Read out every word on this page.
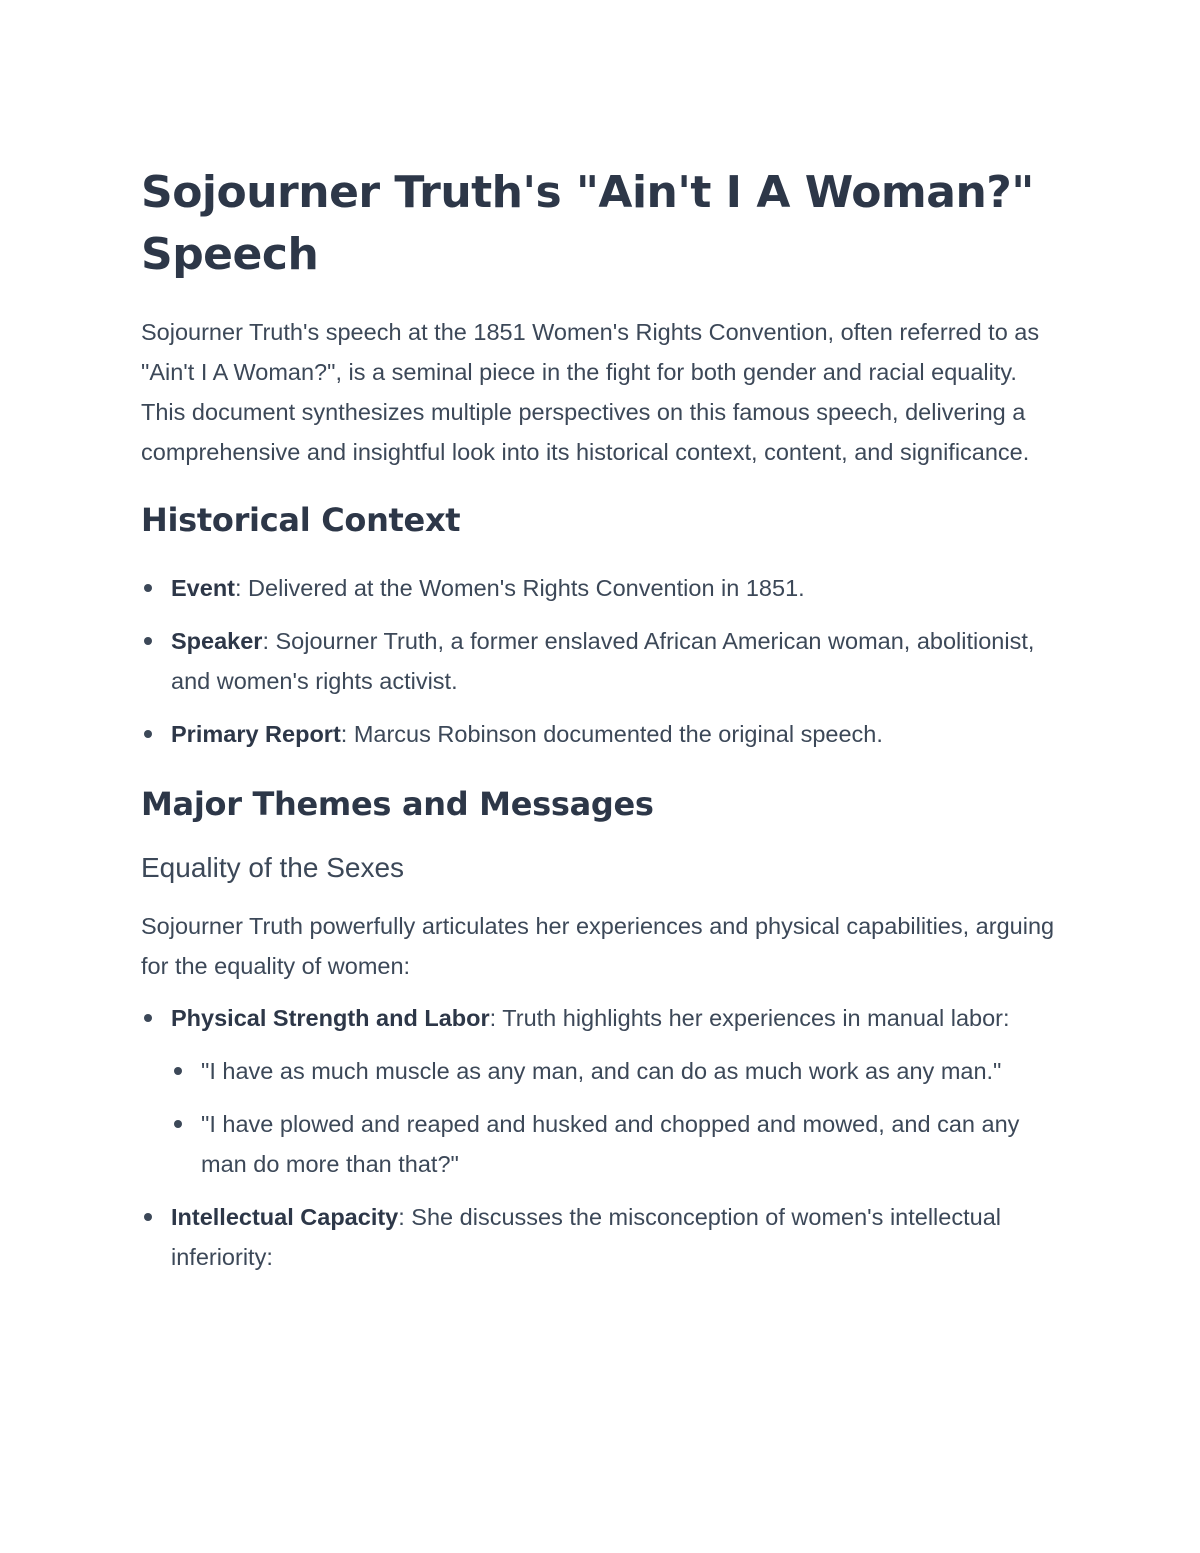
Sojourner Truth's "Ain't I A Woman?" Speech

Sojourner Truth's speech at the 1851 Women's Rights Convention, often referred to as "Ain't I A Woman?", is a seminal piece in the fight for both gender and racial equality. This document synthesizes multiple perspectives on this famous speech, delivering a comprehensive and insightful look into its historical context, content, and significance.

Historical Context
Event: Delivered at the Women's Rights Convention in 1851.
Speaker: Sojourner Truth, a former enslaved African American woman, abolitionist, and women's rights activist.
Primary Report: Marcus Robinson documented the original speech.
Major Themes and Messages
Equality of the Sexes

Sojourner Truth powerfully articulates her experiences and physical capabilities, arguing for the equality of women:

Physical Strength and Labor: Truth highlights her experiences in manual labor:
"I have as much muscle as any man, and can do as much work as any man."
"I have plowed and reaped and husked and chopped and mowed, and can any man do more than that?"
Intellectual Capacity: She discusses the misconception of women's intellectual inferiority:
